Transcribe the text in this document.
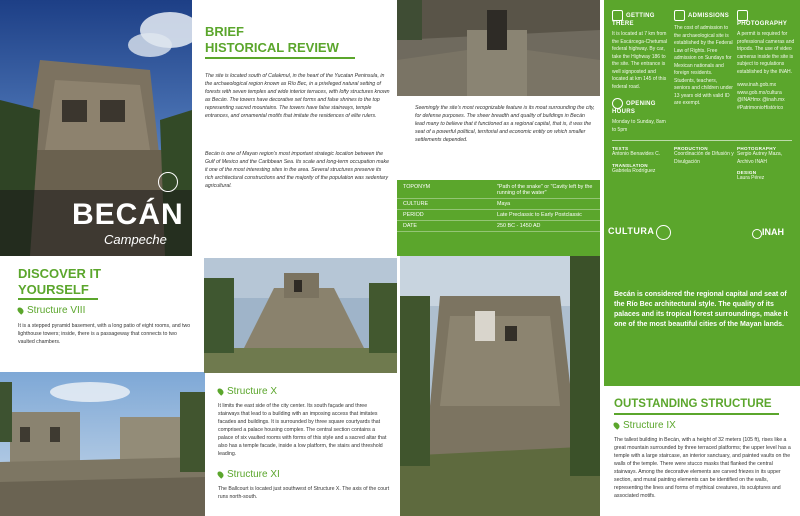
BECÁN
Campeche
BRIEF
HISTORICAL REVIEW
The site is located south of Calakmul, in the heart of the Yucatan Peninsula, in the archaeological region known as Río Bec, in a privileged natural setting of forests with seven temples and wide interior terraces, with lofty structures known as Becán. The towers have decorative set forms and false shrines to the top representing sacred mountains. The towers have false stairways, temple entrances, and ornamental motifs that imitate the residences of elite rulers.
Becán is one of Mayan region's most important strategic location between the Gulf of Mexico and the Caribbean Sea. Its scale and long-term occupation make it one of the most interesting sites in the area. Several structures preserve its rich architectural constructions and the majority of the population was sedentary agricultural.
Seemingly the site's most recognizable feature is its moat surrounding the city, for defense purposes. The sheer breadth and quality of buildings in Becán lead many to believe that it functioned as a regional capital, that is, it was the seat of a powerful political, territorial and economic entity on which smaller settlements depended.
TOPONYM	"Path of the snake" or "Cavity left by the running of the water"
CULTURE	Maya
PERIOD	Late Preclassic to Early Postclassic
DATE	250 BC - 1450 AD
GETTING THERE
It is located at 7 km from the Escárcega-Chetumal federal highway. By car, take the Highway 186 to the site. The entrance is well signposted and located at km 145 of this federal road.
OPENING HOURS
Monday to Sunday, 8am to 5pm
ADMISSIONS
The cost of admission to the archaeological site is established by the Federal Law of Rights. Free admission on Sundays for Mexican nationals and foreign residents. Students, teachers, seniors and children under 13 years old with valid ID are exempt.
PHOTOGRAPHY
A permit is required for professional cameras and tripods. The use of video cameras inside the site is subject to regulations established by the INAH.
www.inah.gob.mx www.gob.mx/cultura @INAHmx @inah.mx #PatrimonioHistórico
TEXTS
Antonio Benavides C.
TRANSLATION
Gabriela Rodríguez
PRODUCTION
Coordinación de Difusión y Divulgación
PHOTOGRAPHY
Sergio Autrey Maza, Archivo INAH
DESIGN
Laura Pérez
CULTURA	INAH
DISCOVER IT
YOURSELF
Structure VIII
It is a stepped pyramid basement, with a long patio of eight rooms, and two lighthouse towers; inside, there is a passageway that connects to two vaulted chambers.
Structure X
It limits the east side of the city center. Its south façade and three stairways that lead to a building with an imposing access that imitates facades and buildings. It is surrounded by three square courtyards that comprised a palace housing complex. The central section contains a palace of six vaulted rooms with forms of this style and a sacred altar that also has a temple facade, inside a low platform, the stairs and threshold leading.
Structure XI
The Ballcourt is located just southwest of Structure X. The axis of the court runs north-south.
Becán is considered the regional capital and seat of the Río Bec architectural style. The quality of its palaces and its tropical forest surroundings, make it one of the most beautiful cities of the Mayan lands.
OUTSTANDING STRUCTURE
Structure IX
The tallest building in Becán, with a height of 32 meters (105 ft), rises like a great mountain surrounded by three terraced platforms; the upper level has a temple with a large staircase, an interior sanctuary, and painted vaults on the walls of the temple. There were stucco masks that flanked the central stairways. Among the decorative elements are carved friezes in its upper section, and mural painting elements can be identified on the walls, representing the lines and forms of mythical creatures, its sculptures and associated motifs.
